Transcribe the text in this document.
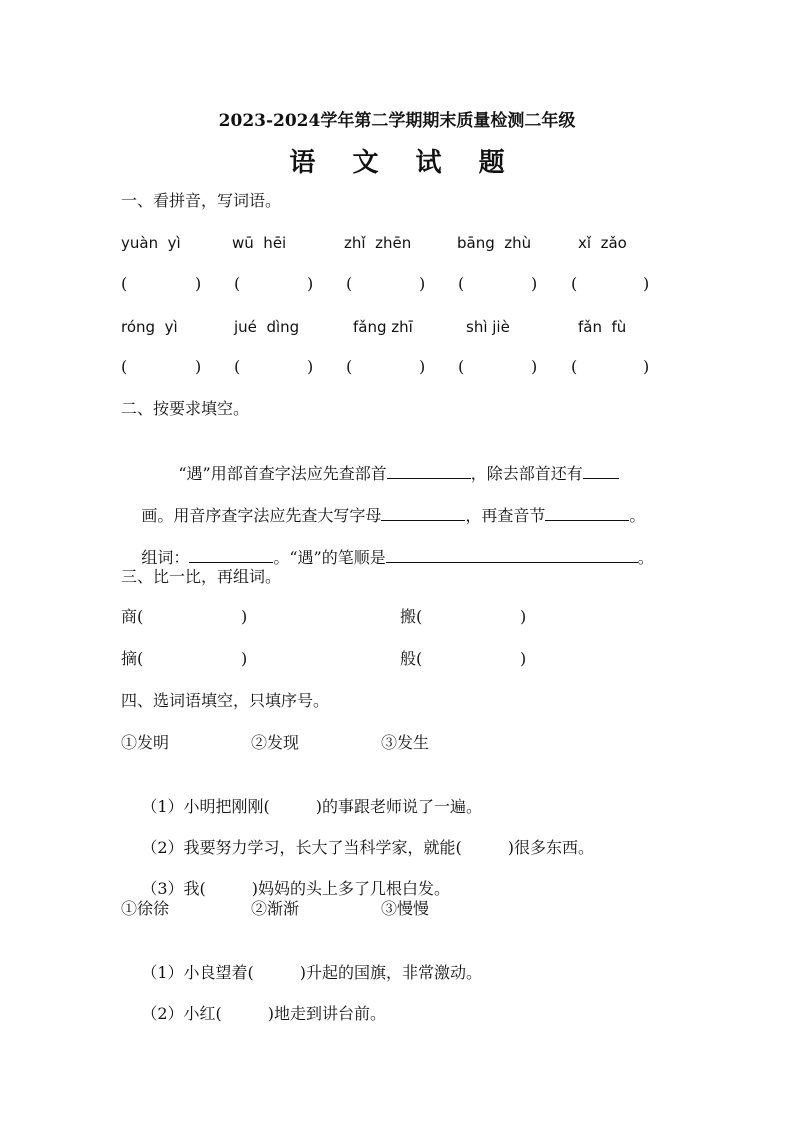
2023-2024学年第二学期期末质量检测二年级
语 文 试 题
一、看拼音，写词语。
yuàn  yì	wū  hēi	zhǐ  zhēn	bāng  zhù	xǐ  zǎo
(	) (	) (	) (	) (	)
róng  yì	jué  dìng	fǎng zhī	shì jiè	fǎn  fù
(	) (	) (	) (	) (	)
二、按要求填空。

“遇”用部首查字法应先查部首	，除去部首还有

画。用音序查字法应先查大写字母	，再查音节	。

组词：	。“遇”的笔顺是	。

三、比一比，再组词。
商(	)	搬(	)
摘(	)	般(	)
四、选词语填空，只填序号。
①发明	②发现	③发生

（1）小明把刚刚(	)的事跟老师说了一遍。

（2）我要努力学习，长大了当科学家，就能(	)很多东西。

（3）我(	)妈妈的头上多了几根白发。

①徐徐	②渐渐	③慢慢

（1）小良望着(	)升起的国旗，非常激动。

（2）小红(	)地走到讲台前。
